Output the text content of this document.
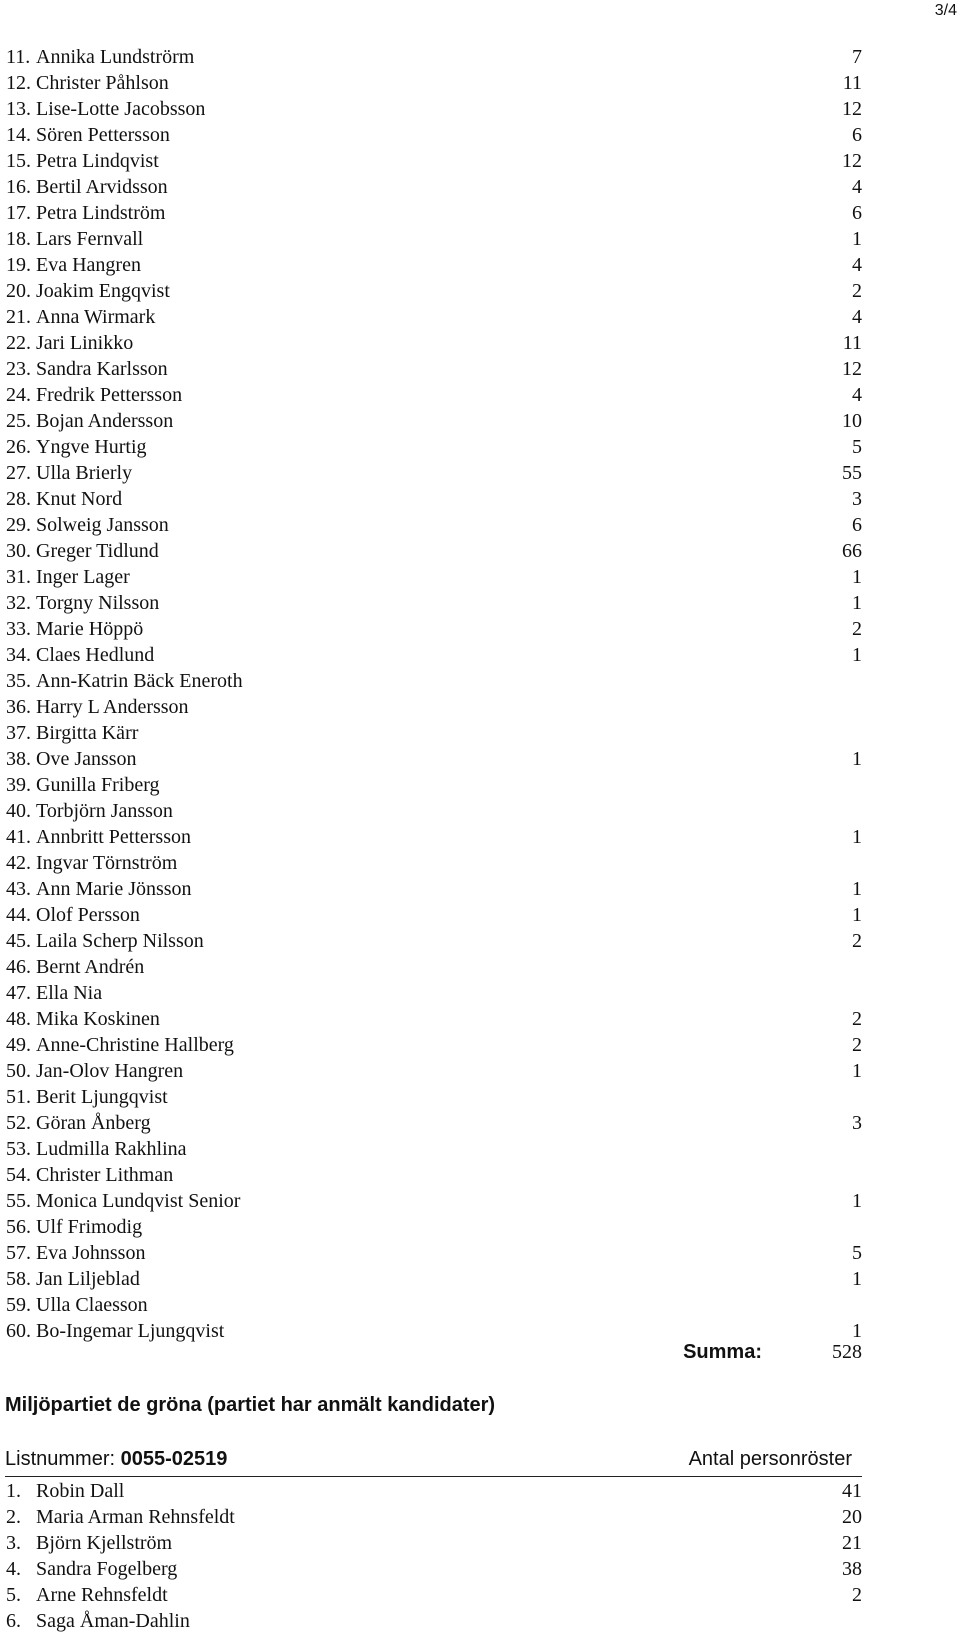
3/4
11. Annika Lundströrm	7
12. Christer Påhlson	11
13. Lise-Lotte Jacobsson	12
14. Sören Pettersson	6
15. Petra Lindqvist	12
16. Bertil Arvidsson	4
17. Petra Lindström	6
18. Lars Fernvall	1
19. Eva Hangren	4
20. Joakim Engqvist	2
21. Anna Wirmark	4
22. Jari Linikko	11
23. Sandra Karlsson	12
24. Fredrik Pettersson	4
25. Bojan Andersson	10
26. Yngve Hurtig	5
27. Ulla Brierly	55
28. Knut Nord	3
29. Solweig Jansson	6
30. Greger Tidlund	66
31. Inger Lager	1
32. Torgny Nilsson	1
33. Marie Höppö	2
34. Claes Hedlund	1
35. Ann-Katrin Bäck Eneroth
36. Harry L Andersson
37. Birgitta Kärr
38. Ove Jansson	1
39. Gunilla Friberg
40. Torbjörn Jansson
41. Annbritt Pettersson	1
42. Ingvar Törnström
43. Ann Marie Jönsson	1
44. Olof Persson	1
45. Laila Scherp Nilsson	2
46. Bernt Andrén
47. Ella Nia
48. Mika Koskinen	2
49. Anne-Christine Hallberg	2
50. Jan-Olov Hangren	1
51. Berit Ljungqvist
52. Göran Ånberg	3
53. Ludmilla Rakhlina
54. Christer Lithman
55. Monica Lundqvist Senior	1
56. Ulf Frimodig
57. Eva Johnsson	5
58. Jan Liljeblad	1
59. Ulla Claesson
60. Bo-Ingemar Ljungqvist	1
Summa:	528
Miljöpartiet de gröna (partiet har anmält kandidater)
Listnummer: 0055-02519	Antal personröster
1. Robin Dall	41
2. Maria Arman Rehnsfeldt	20
3. Björn Kjellström	21
4. Sandra Fogelberg	38
5. Arne Rehnsfeldt	2
6. Saga Åman-Dahlin
